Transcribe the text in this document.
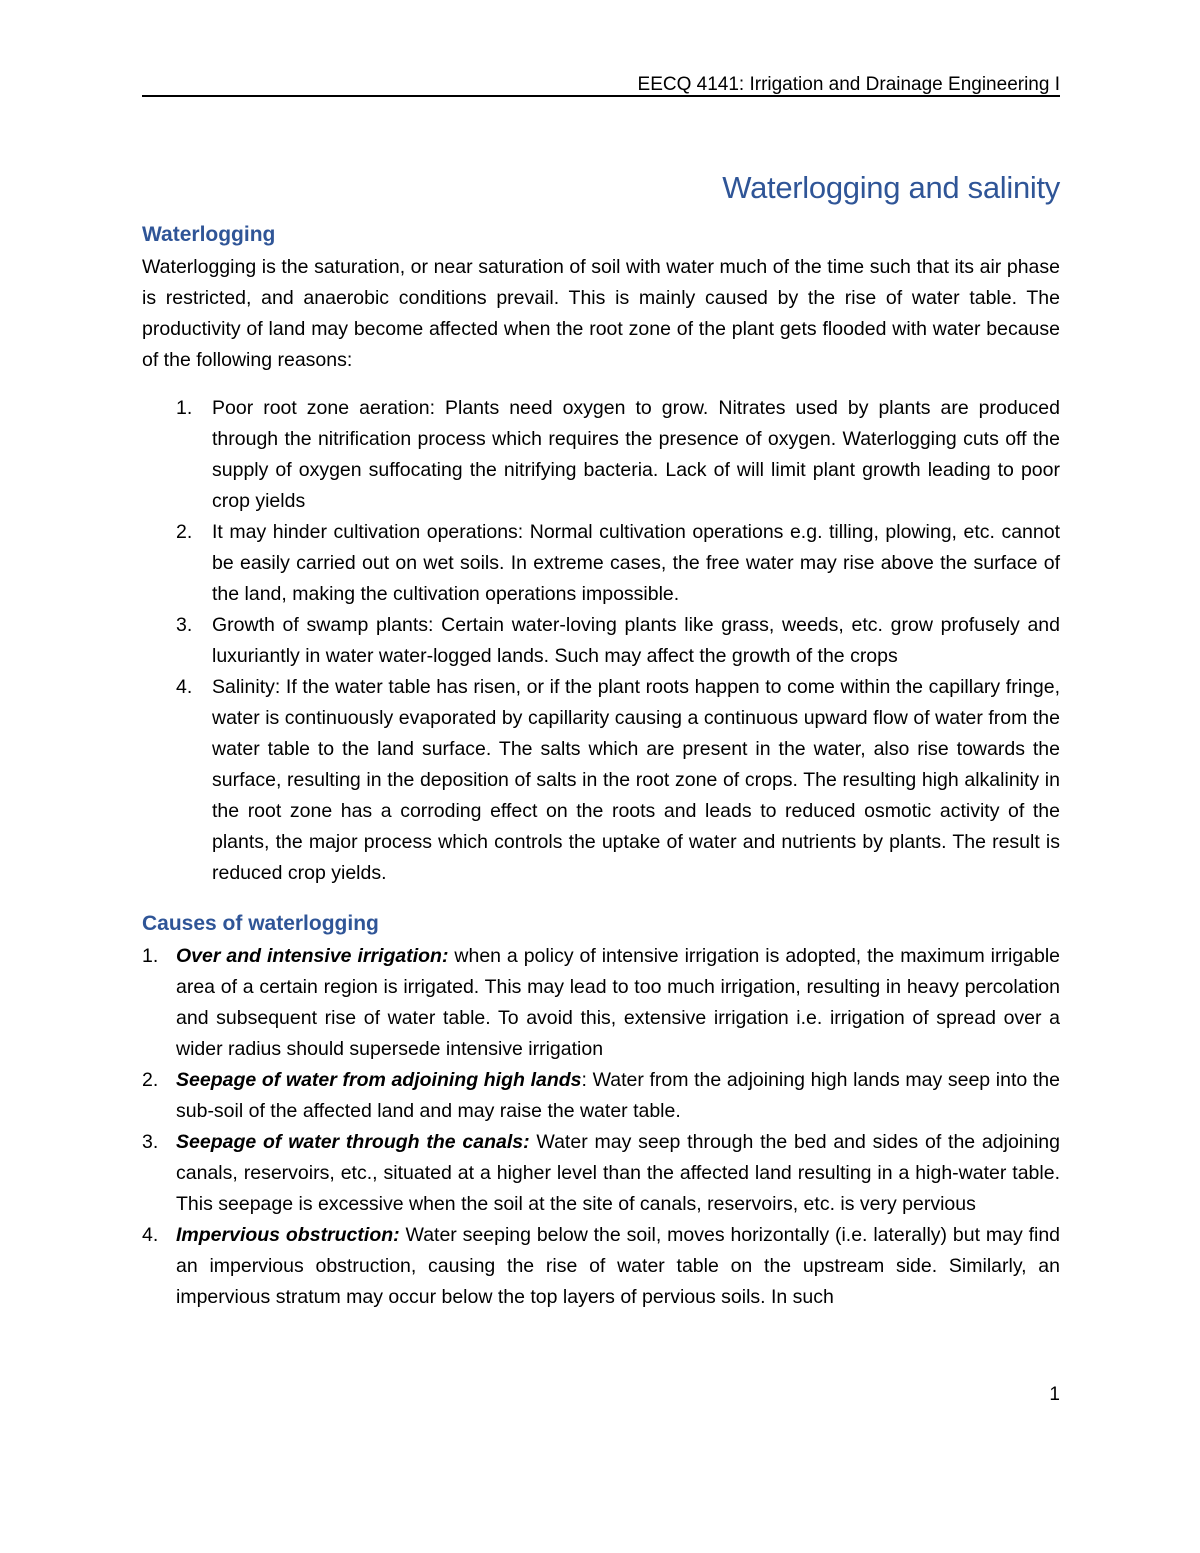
EECQ 4141: Irrigation and Drainage Engineering I
Waterlogging and salinity
Waterlogging

Waterlogging is the saturation, or near saturation of soil with water much of the time such that its air phase is restricted, and anaerobic conditions prevail. This is mainly caused by the rise of water table. The productivity of land may become affected when the root zone of the plant gets flooded with water because of the following reasons:

1. Poor root zone aeration: Plants need oxygen to grow. Nitrates used by plants are produced through the nitrification process which requires the presence of oxygen. Waterlogging cuts off the supply of oxygen suffocating the nitrifying bacteria. Lack of will limit plant growth leading to poor crop yields
2. It may hinder cultivation operations: Normal cultivation operations e.g. tilling, plowing, etc. cannot be easily carried out on wet soils. In extreme cases, the free water may rise above the surface of the land, making the cultivation operations impossible.
3. Growth of swamp plants: Certain water-loving plants like grass, weeds, etc. grow profusely and luxuriantly in water water-logged lands. Such may affect the growth of the crops
4. Salinity: If the water table has risen, or if the plant roots happen to come within the capillary fringe, water is continuously evaporated by capillarity causing a continuous upward flow of water from the water table to the land surface. The salts which are present in the water, also rise towards the surface, resulting in the deposition of salts in the root zone of crops. The resulting high alkalinity in the root zone has a corroding effect on the roots and leads to reduced osmotic activity of the plants, the major process which controls the uptake of water and nutrients by plants. The result is reduced crop yields.
Causes of waterlogging
1. Over and intensive irrigation: when a policy of intensive irrigation is adopted, the maximum irrigable area of a certain region is irrigated. This may lead to too much irrigation, resulting in heavy percolation and subsequent rise of water table. To avoid this, extensive irrigation i.e. irrigation of spread over a wider radius should supersede intensive irrigation
2. Seepage of water from adjoining high lands: Water from the adjoining high lands may seep into the sub-soil of the affected land and may raise the water table.
3. Seepage of water through the canals: Water may seep through the bed and sides of the adjoining canals, reservoirs, etc., situated at a higher level than the affected land resulting in a high-water table. This seepage is excessive when the soil at the site of canals, reservoirs, etc. is very pervious
4. Impervious obstruction: Water seeping below the soil, moves horizontally (i.e. laterally) but may find an impervious obstruction, causing the rise of water table on the upstream side. Similarly, an impervious stratum may occur below the top layers of pervious soils. In such
1
